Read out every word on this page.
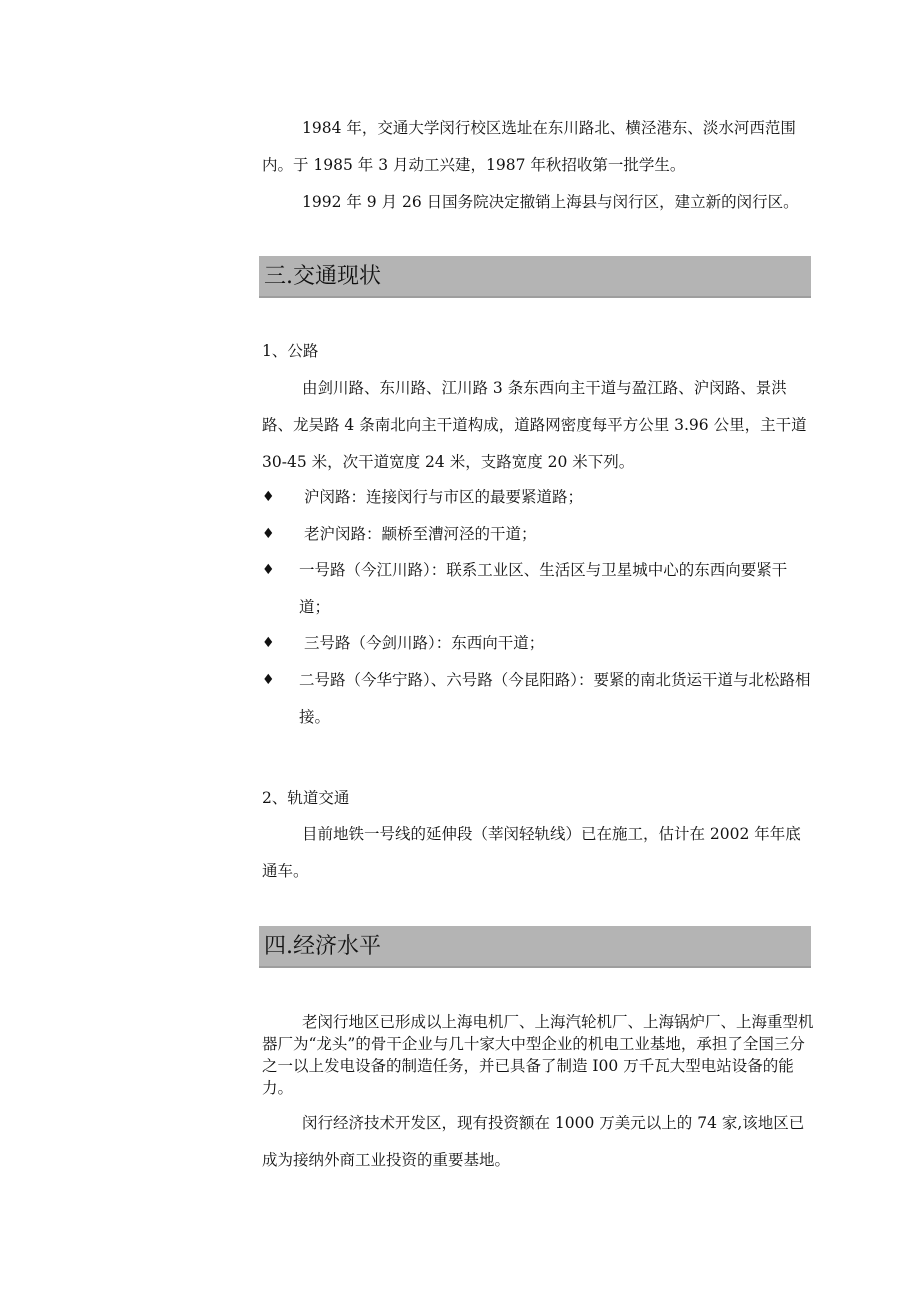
1984 年，交通大学闵行校区选址在东川路北、横泾港东、淡水河西范围内。于 1985 年 3 月动工兴建，1987 年秋招收第一批学生。

1992 年 9 月 26 日国务院决定撤销上海县与闵行区，建立新的闵行区。

三.交通现状

1、公路

由剑川路、东川路、江川路 3 条东西向主干道与盈江路、沪闵路、景洪路、龙吴路 4 条南北向主干道构成，道路网密度每平方公里 3.96 公里，主干道 30-45 米，次干道宽度 24 米，支路宽度 20 米下列。

♦ 沪闵路：连接闵行与市区的最要紧道路；

♦ 老沪闵路：颛桥至漕河泾的干道；

♦ 一号路（今江川路）：联系工业区、生活区与卫星城中心的东西向要紧干道；

♦ 三号路（今剑川路）：东西向干道；

♦ 二号路（今华宁路）、六号路（今昆阳路）：要紧的南北货运干道与北松路相接。

2、轨道交通

目前地铁一号线的延伸段（莘闵轻轨线）已在施工，估计在 2002 年年底通车。

四.经济水平

老闵行地区已形成以上海电机厂、上海汽轮机厂、上海锅炉厂、上海重型机器厂为“龙头”的骨干企业与几十家大中型企业的机电工业基地，承担了全国三分之一以上发电设备的制造任务，并已具备了制造 I00 万千瓦大型电站设备的能力。

闵行经济技术开发区，现有投资额在 1000 万美元以上的 74 家,该地区已成为接纳外商工业投资的重要基地。
